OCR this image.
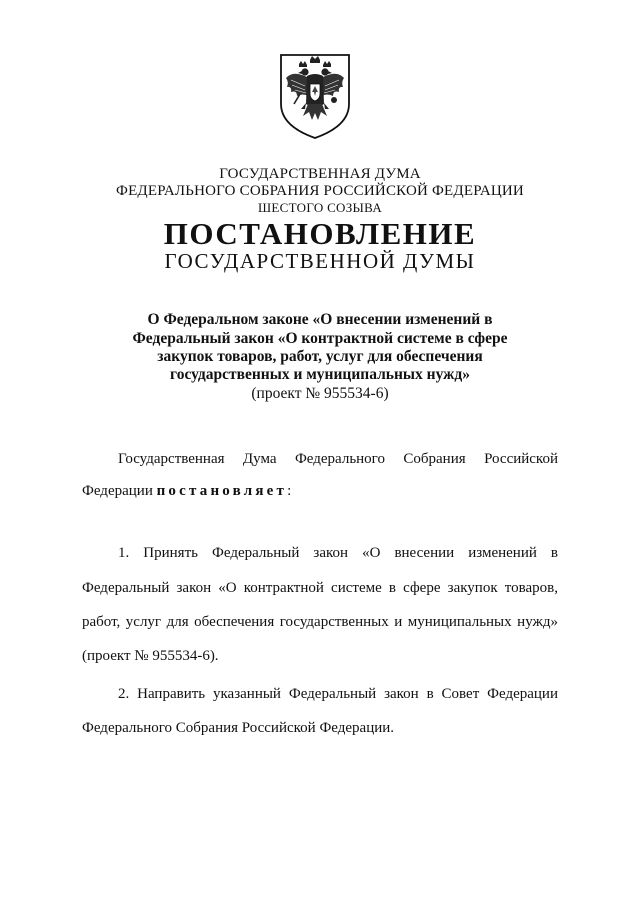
ГОСУДАРСТВЕННАЯ ДУМА
ФЕДЕРАЛЬНОГО СОБРАНИЯ РОССИЙСКОЙ ФЕДЕРАЦИИ
ШЕСТОГО СОЗЫВА
ПОСТАНОВЛЕНИЕ
ГОСУДАРСТВЕННОЙ ДУМЫ
О Федеральном законе «О внесении изменений в
Федеральный закон «О контрактной системе в сфере
закупок товаров, работ, услуг для обеспечения
государственных и муниципальных нужд»
(проект № 955534-6)
Государственная Дума Федерального Собрания Российской
Федерации постановляет:
1. Принять Федеральный закон «О внесении изменений в
Федеральный закон «О контрактной системе в сфере закупок товаров,
работ, услуг для обеспечения государственных и муниципальных нужд»
(проект № 955534-6).
2. Направить указанный Федеральный закон в Совет Федерации
Федерального Собрания Российской Федерации.
